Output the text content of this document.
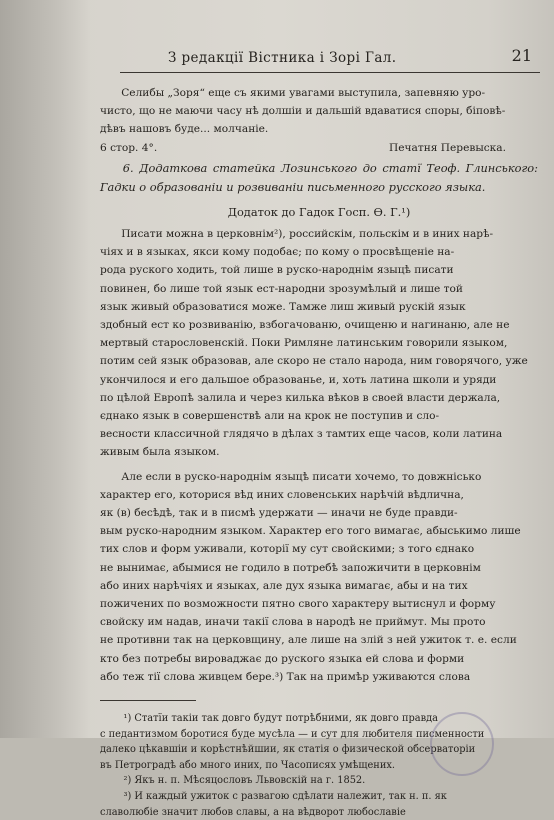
З редакції Вістника і Зорі Гал.	21

Селибы „Зоря“ еще съ якими увагами выступила, запевняю уро-

чисто, що не маючи часу нѣ долшіи и дальшій вдаватися споры, біповѣ-

дѣвъ нашовъ буде... молчаніе.

6 стор. 4°.	Печатня Перевыска.

6. Додаткова статейка Лозинського до статї Теоф. Глинського: Гадки о образованіи и розвиваніи письменного русского языка.

Додаток до Гадок Госп. Ѳ. Г.¹)

Писати можна в церковнім²), российскім, польскім и в иних нарѣ-

чіях и в языках, якси кому подобає; по кому о просвѣщеніе на-

рода рускогo ходить, той лише в руско-народнім языцѣ писати

повинен, бо лише той язык ест-народни зрозумѣлый и лише той

язык живый образоватися може. Тамже лиш живый рускій язык

здобный ест ко розвиванію, взбогачованю, очищеню и нагинаню, але не

мертвый старословенскій. Поки Римляне латинським говорили языком,

потим сей язык образовав, але скоро не стало народа, ним говорячого, уже

укончилося и его дальшое образованье, и, хоть латина школи и уряди

по цѣлой Европѣ залила и через килька вѣков в своей власти держала,

єднако язык в совершенствѣ али на крок не поступив и сло-

весности классичной глядячо в дѣлах з тамтих еще часов, коли латина

живым была языком.

Але если в руско-народнім языцѣ писати хочемо, то довжнісько

характер его, которися вѣд иних словенських нарѣчій вѣдлична,

як (в) бесѣдѣ, так и в писмѣ удержати — иначи не буде правди-

вым руско-народним языком. Характер его того вимагає, абыськимо лише

тих слов и форм уживали, которії му сут свойскими; з того єднако

не вынимає, абымися не годило в потребѣ запожичити в церковнім

або иних нарѣчіях и языках, але дух языка вимагає, абы и на тих

пожичених по возможности пятно свого характеру вытиснул и форму

свойску им надав, иначи такії слова в народѣ не приймут. Мы прото

не противни так на церковщину, але лише на злій з ней ужиток т. е. если

кто без потребы вироваджає до рускогo языка ей слова и форми

або теж тії слова живцем берe.³) Так на примѣр уживаются слова

¹) Статїи такіи так довго будут потрѣбними, як довго правда

с педантизмом боротися буде мусѣла — и сут для любителя писменности

далеко цѣкавшіи и корѣстнѣйшии, як статія о физической обсерваторіи

въ Петроградѣ або много иних, по Часописях умѣщених.

²) Якъ н. п. Мѣсяцословъ Львовскій на г. 1852.

³) И каждый ужиток с развагою сдѣлати належит, так н. п. як

славолюбіе значит любов славы, а на вѣдворот любославіе
